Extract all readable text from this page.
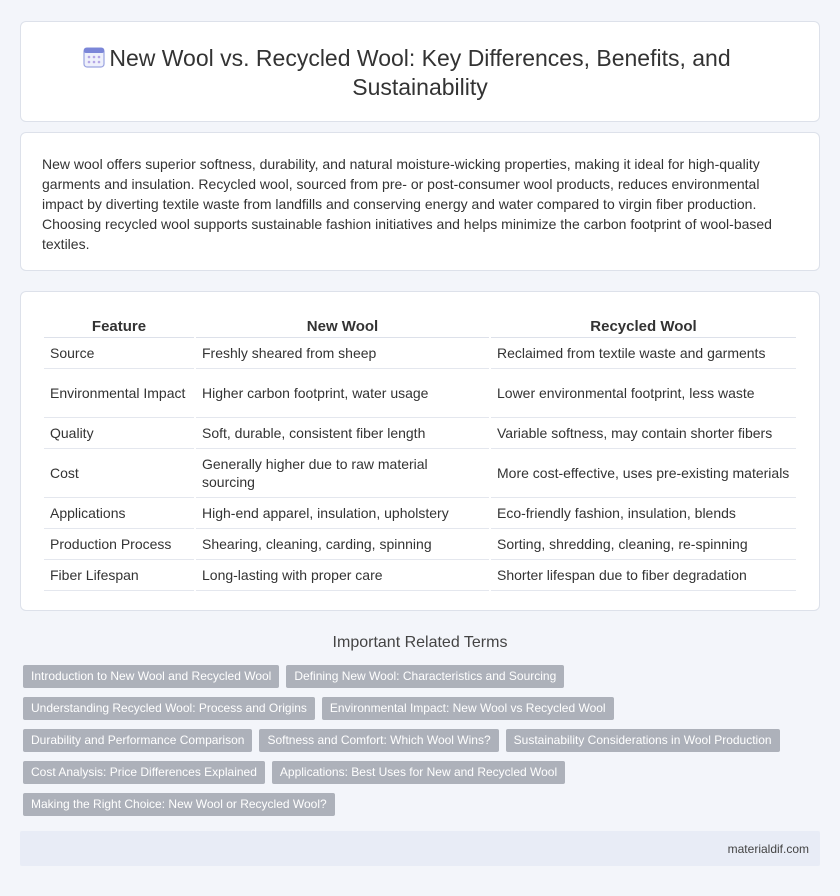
New Wool vs. Recycled Wool: Key Differences, Benefits, and Sustainability

New wool offers superior softness, durability, and natural moisture-wicking properties, making it ideal for high-quality garments and insulation. Recycled wool, sourced from pre- or post-consumer wool products, reduces environmental impact by diverting textile waste from landfills and conserving energy and water compared to virgin fiber production. Choosing recycled wool supports sustainable fashion initiatives and helps minimize the carbon footprint of wool-based textiles.

Feature	New Wool	Recycled Wool
Source	Freshly sheared from sheep	Reclaimed from textile waste and garments
Environmental Impact	Higher carbon footprint, water usage	Lower environmental footprint, less waste
Quality	Soft, durable, consistent fiber length	Variable softness, may contain shorter fibers
Cost	Generally higher due to raw material sourcing	More cost-effective, uses pre-existing materials
Applications	High-end apparel, insulation, upholstery	Eco-friendly fashion, insulation, blends
Production Process	Shearing, cleaning, carding, spinning	Sorting, shredding, cleaning, re-spinning
Fiber Lifespan	Long-lasting with proper care	Shorter lifespan due to fiber degradation
Important Related Terms
Introduction to New Wool and Recycled Wool	Defining New Wool: Characteristics and Sourcing
Understanding Recycled Wool: Process and Origins	Environmental Impact: New Wool vs Recycled Wool
Durability and Performance Comparison	Softness and Comfort: Which Wool Wins?	Sustainability Considerations in Wool Production
Cost Analysis: Price Differences Explained	Applications: Best Uses for New and Recycled Wool
Making the Right Choice: New Wool or Recycled Wool?
materialdif.com
